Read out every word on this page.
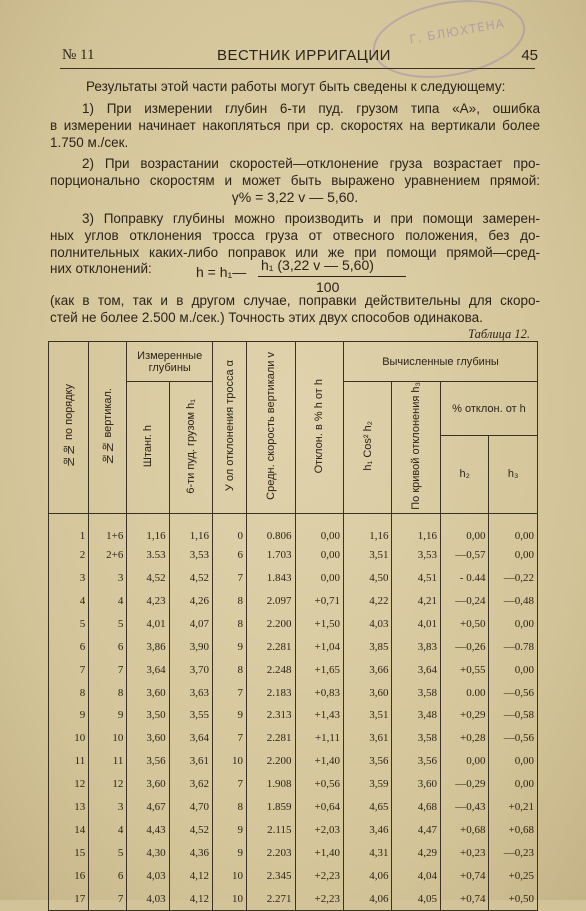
Г. БЛЮХТЕНА
№ 11	ВЕСТНИК ИРРИГАЦИИ	45
Результаты этой части работы могут быть сведены к следующему:
1) При измерении глубин 6-ти пуд. грузом типа «А», ошибка
в измерении начинает накопляться при ср. скоростях на вертикали более
1.750 м./сек.
2) При возрастании скоростей—отклонение груза возрастает про-
порционально скоростям и может быть выражено уравнением прямой:
γ% = 3,22 v — 5,60.
3) Поправку глубины можно производить и при помощи замерен-
ных углов отклонения тросса груза от отвесного положения, без до-
полнительных каких-либо поправок или же при помощи прямой—сред-
них отклонений:	h = h₁— h₁ (3,22 v — 5,60)
100
(как в том, так и в другом случае, поправки действительны для скоро-
стей не более 2.500 м./сек.) Точность этих двух способов одинакова.
Таблица 12.
№№ по порядку	№№ вертикал.	Измеренные глубины		У ол отклонения тросса α	Средн. скорость вертикали v	Отклон. в % h от h	Вычисленные глубины			
		Штанг. h	6-ти пуд. грузом h₁				h₁ Cos² h₂	По кривой отклонения h₃	% отклон. от h	
									h₂	h₃
1	1+6	1,16	1,16	0	0.806	0,00	1,16	1,16	0,00	0,00
2	2+6	3.53	3,53	6	1.703	0,00	3,51	3,53	—0,57	0,00
3	3	4,52	4,52	7	1.843	0,00	4,50	4,51	- 0.44	—0,22
4	4	4,23	4,26	8	2.097	+0,71	4,22	4,21	—0,24	—0,48
5	5	4,01	4,07	8	2.200	+1,50	4,03	4,01	+0,50	0,00
6	6	3,86	3,90	9	2.281	+1,04	3,85	3,83	—0,26	—0.78
7	7	3,64	3,70	8	2.248	+1,65	3,66	3,64	+0,55	0,00
8	8	3,60	3,63	7	2.183	+0,83	3,60	3,58	0.00	—0,56
9	9	3,50	3,55	9	2.313	+1,43	3,51	3,48	+0,29	—0,58
10	10	3,60	3,64	7	2.281	+1,11	3,61	3,58	+0,28	—0,56
11	11	3,56	3,61	10	2.200	+1,40	3,56	3,56	0,00	0,00
12	12	3,60	3,62	7	1.908	+0,56	3,59	3,60	—0,29	0,00
13	3	4,67	4,70	8	1.859	+0,64	4,65	4,68	—0,43	+0,21
14	4	4,43	4,52	9	2.115	+2,03	3,46	4,47	+0,68	+0,68
15	5	4,30	4,36	9	2.203	+1,40	4,31	4,29	+0,23	—0,23
16	6	4,03	4,12	10	2.345	+2,23	4,06	4,04	+0,74	+0,25
17	7	4,03	4,12	10	2.271	+2,23	4,06	4,05	+0,74	+0,50
